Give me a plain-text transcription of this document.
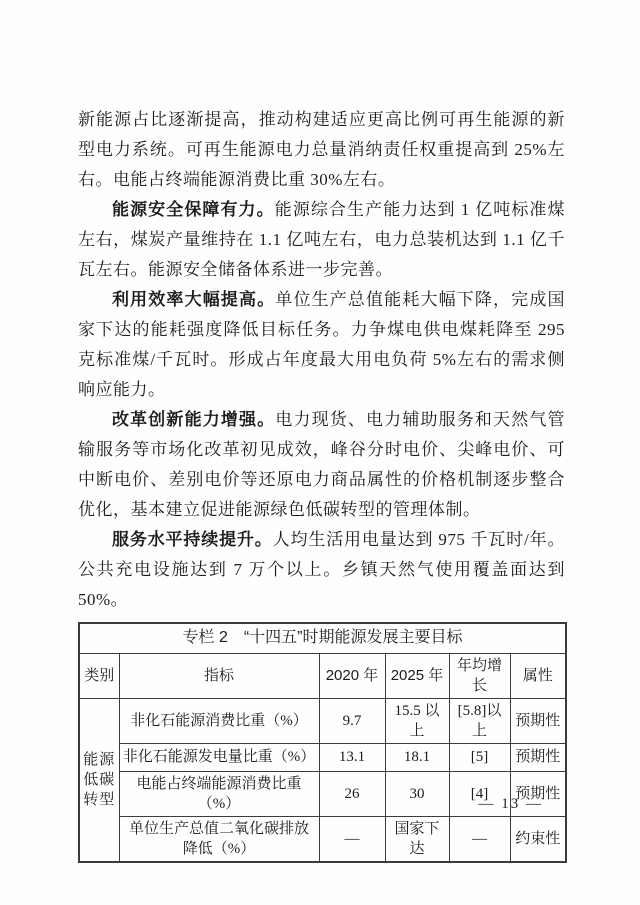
新能源占比逐渐提高，推动构建适应更高比例可再生能源的新型电力系统。可再生能源电力总量消纳责任权重提高到 25%左右。电能占终端能源消费比重 30%左右。

能源安全保障有力。能源综合生产能力达到 1 亿吨标准煤左右，煤炭产量维持在 1.1 亿吨左右，电力总装机达到 1.1 亿千瓦左右。能源安全储备体系进一步完善。

利用效率大幅提高。单位生产总值能耗大幅下降，完成国家下达的能耗强度降低目标任务。力争煤电供电煤耗降至 295 克标准煤/千瓦时。形成占年度最大用电负荷 5%左右的需求侧响应能力。

改革创新能力增强。电力现货、电力辅助服务和天然气管输服务等市场化改革初见成效，峰谷分时电价、尖峰电价、可中断电价、差别电价等还原电力商品属性的价格机制逐步整合优化，基本建立促进能源绿色低碳转型的管理体制。

服务水平持续提升。人均生活用电量达到 975 千瓦时/年。公共充电设施达到 7 万个以上。乡镇天然气使用覆盖面达到50%。

专栏 2　“十四五”时期能源发展主要目标					
类别	指标	2020 年	2025 年	年均增长	属性
能源低碳转型	非化石能源消费比重（%）	9.7	15.5 以上	[5.8]以上	预期性
	非化石能源发电量比重（%）	13.1	18.1	[5]	预期性
	电能占终端能源消费比重（%）	26	30	[4]	预期性
	单位生产总值二氧化碳排放降低（%）	—	国家下达	—	约束性
— 13 —
